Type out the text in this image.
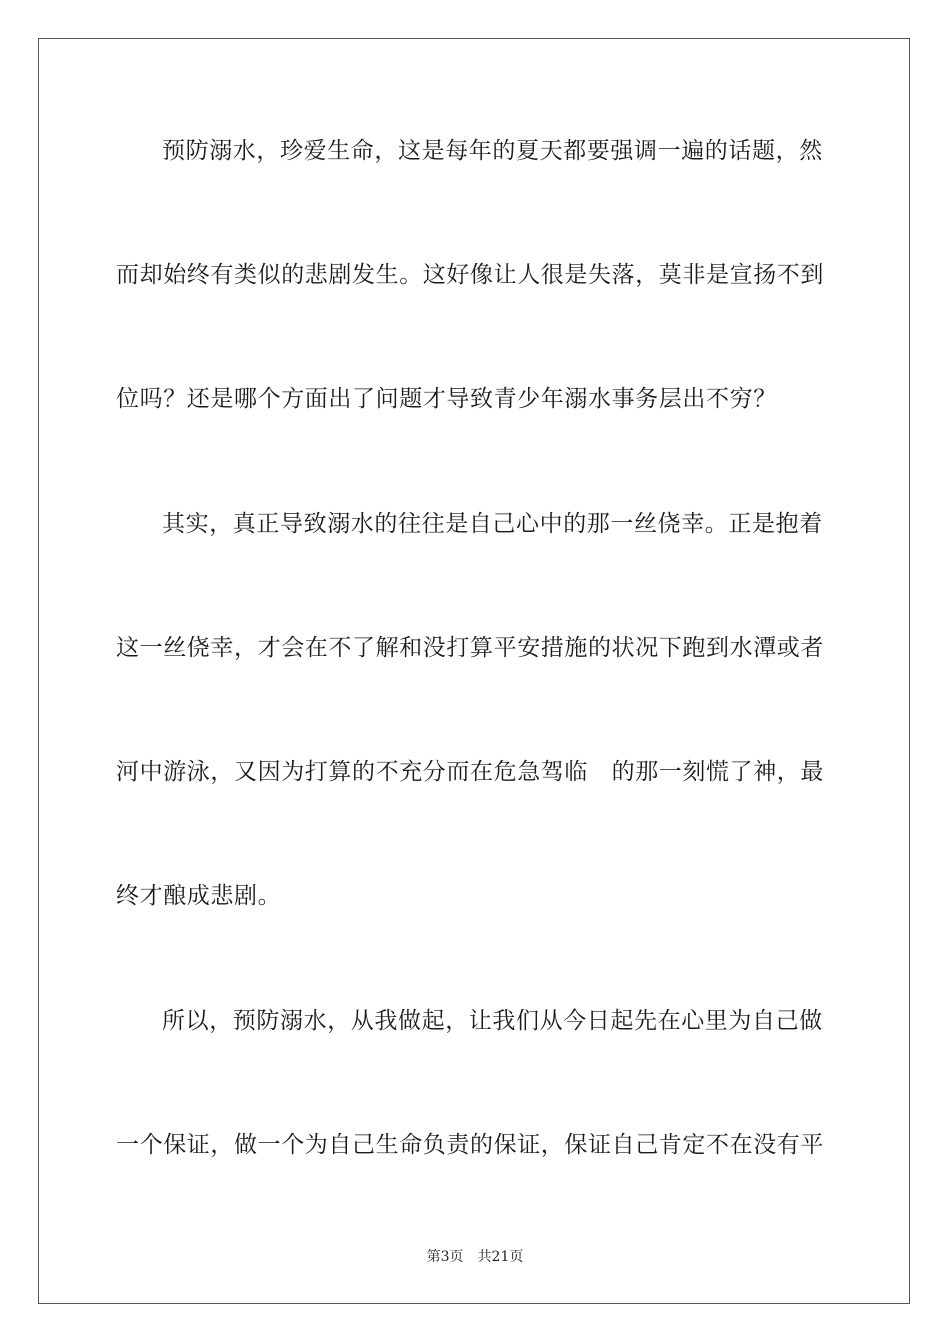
预防溺水，珍爱生命，这是每年的夏天都要强调一遍的话题，然
而却始终有类似的悲剧发生。这好像让人很是失落，莫非是宣扬不到
位吗？还是哪个方面出了问题才导致青少年溺水事务层出不穷？
其实，真正导致溺水的往往是自己心中的那一丝侥幸。正是抱着
这一丝侥幸，才会在不了解和没打算平安措施的状况下跑到水潭或者
河中游泳，又因为打算的不充分而在危急驾临　的那一刻慌了神，最
终才酿成悲剧。
所以，预防溺水，从我做起，让我们从今日起先在心里为自己做
一个保证，做一个为自己生命负责的保证，保证自己肯定不在没有平
第3页 共21页
